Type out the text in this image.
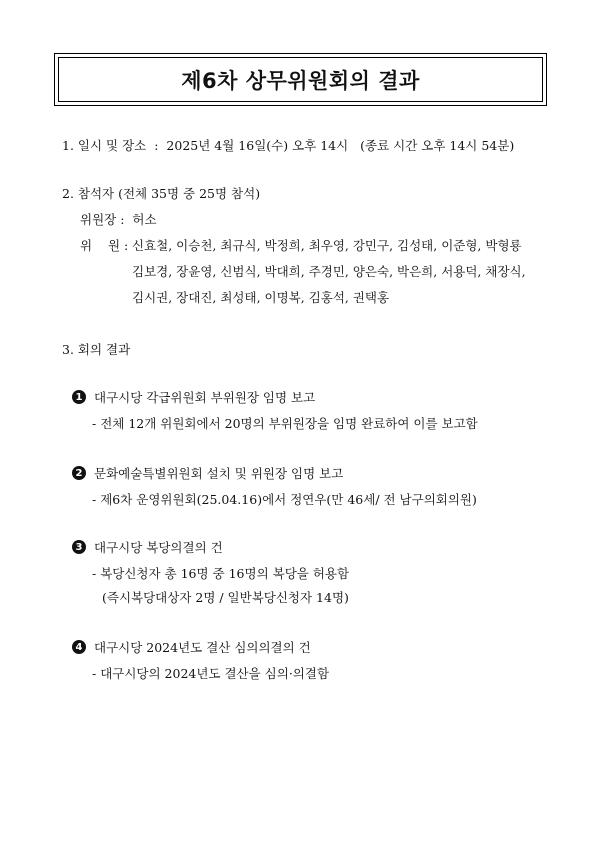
제6차 상무위원회의 결과
1. 일시 및 장소 : 2025년 4월 16일(수) 오후 14시 (종료 시간 오후 14시 54분)
2. 참석자 (전체 35명 중 25명 참석)
위원장 : 허소
위    원 : 신효철, 이승천, 최규식, 박정희, 최우영, 강민구, 김성태, 이준형, 박형룡
김보경, 장윤영, 신범식, 박대희, 주경민, 양은숙, 박은희, 서용덕, 채장식,
김시권, 장대진, 최성태, 이명복, 김홍석, 권택홍
3. 회의 결과
1 대구시당 각급위원회 부위원장 임명 보고
- 전체 12개 위원회에서 20명의 부위원장을 임명 완료하여 이를 보고함
2 문화예술특별위원회 설치 및 위원장 임명 보고
- 제6차 운영위원회(25.04.16)에서 정연우(만 46세/ 전 남구의회의원)
3 대구시당 복당의결의 건
- 복당신청자 총 16명 중 16명의 복당을 허용함
(즉시복당대상자 2명 / 일반복당신청자 14명)
4 대구시당 2024년도 결산 심의의결의 건
- 대구시당의 2024년도 결산을 심의·의결함
